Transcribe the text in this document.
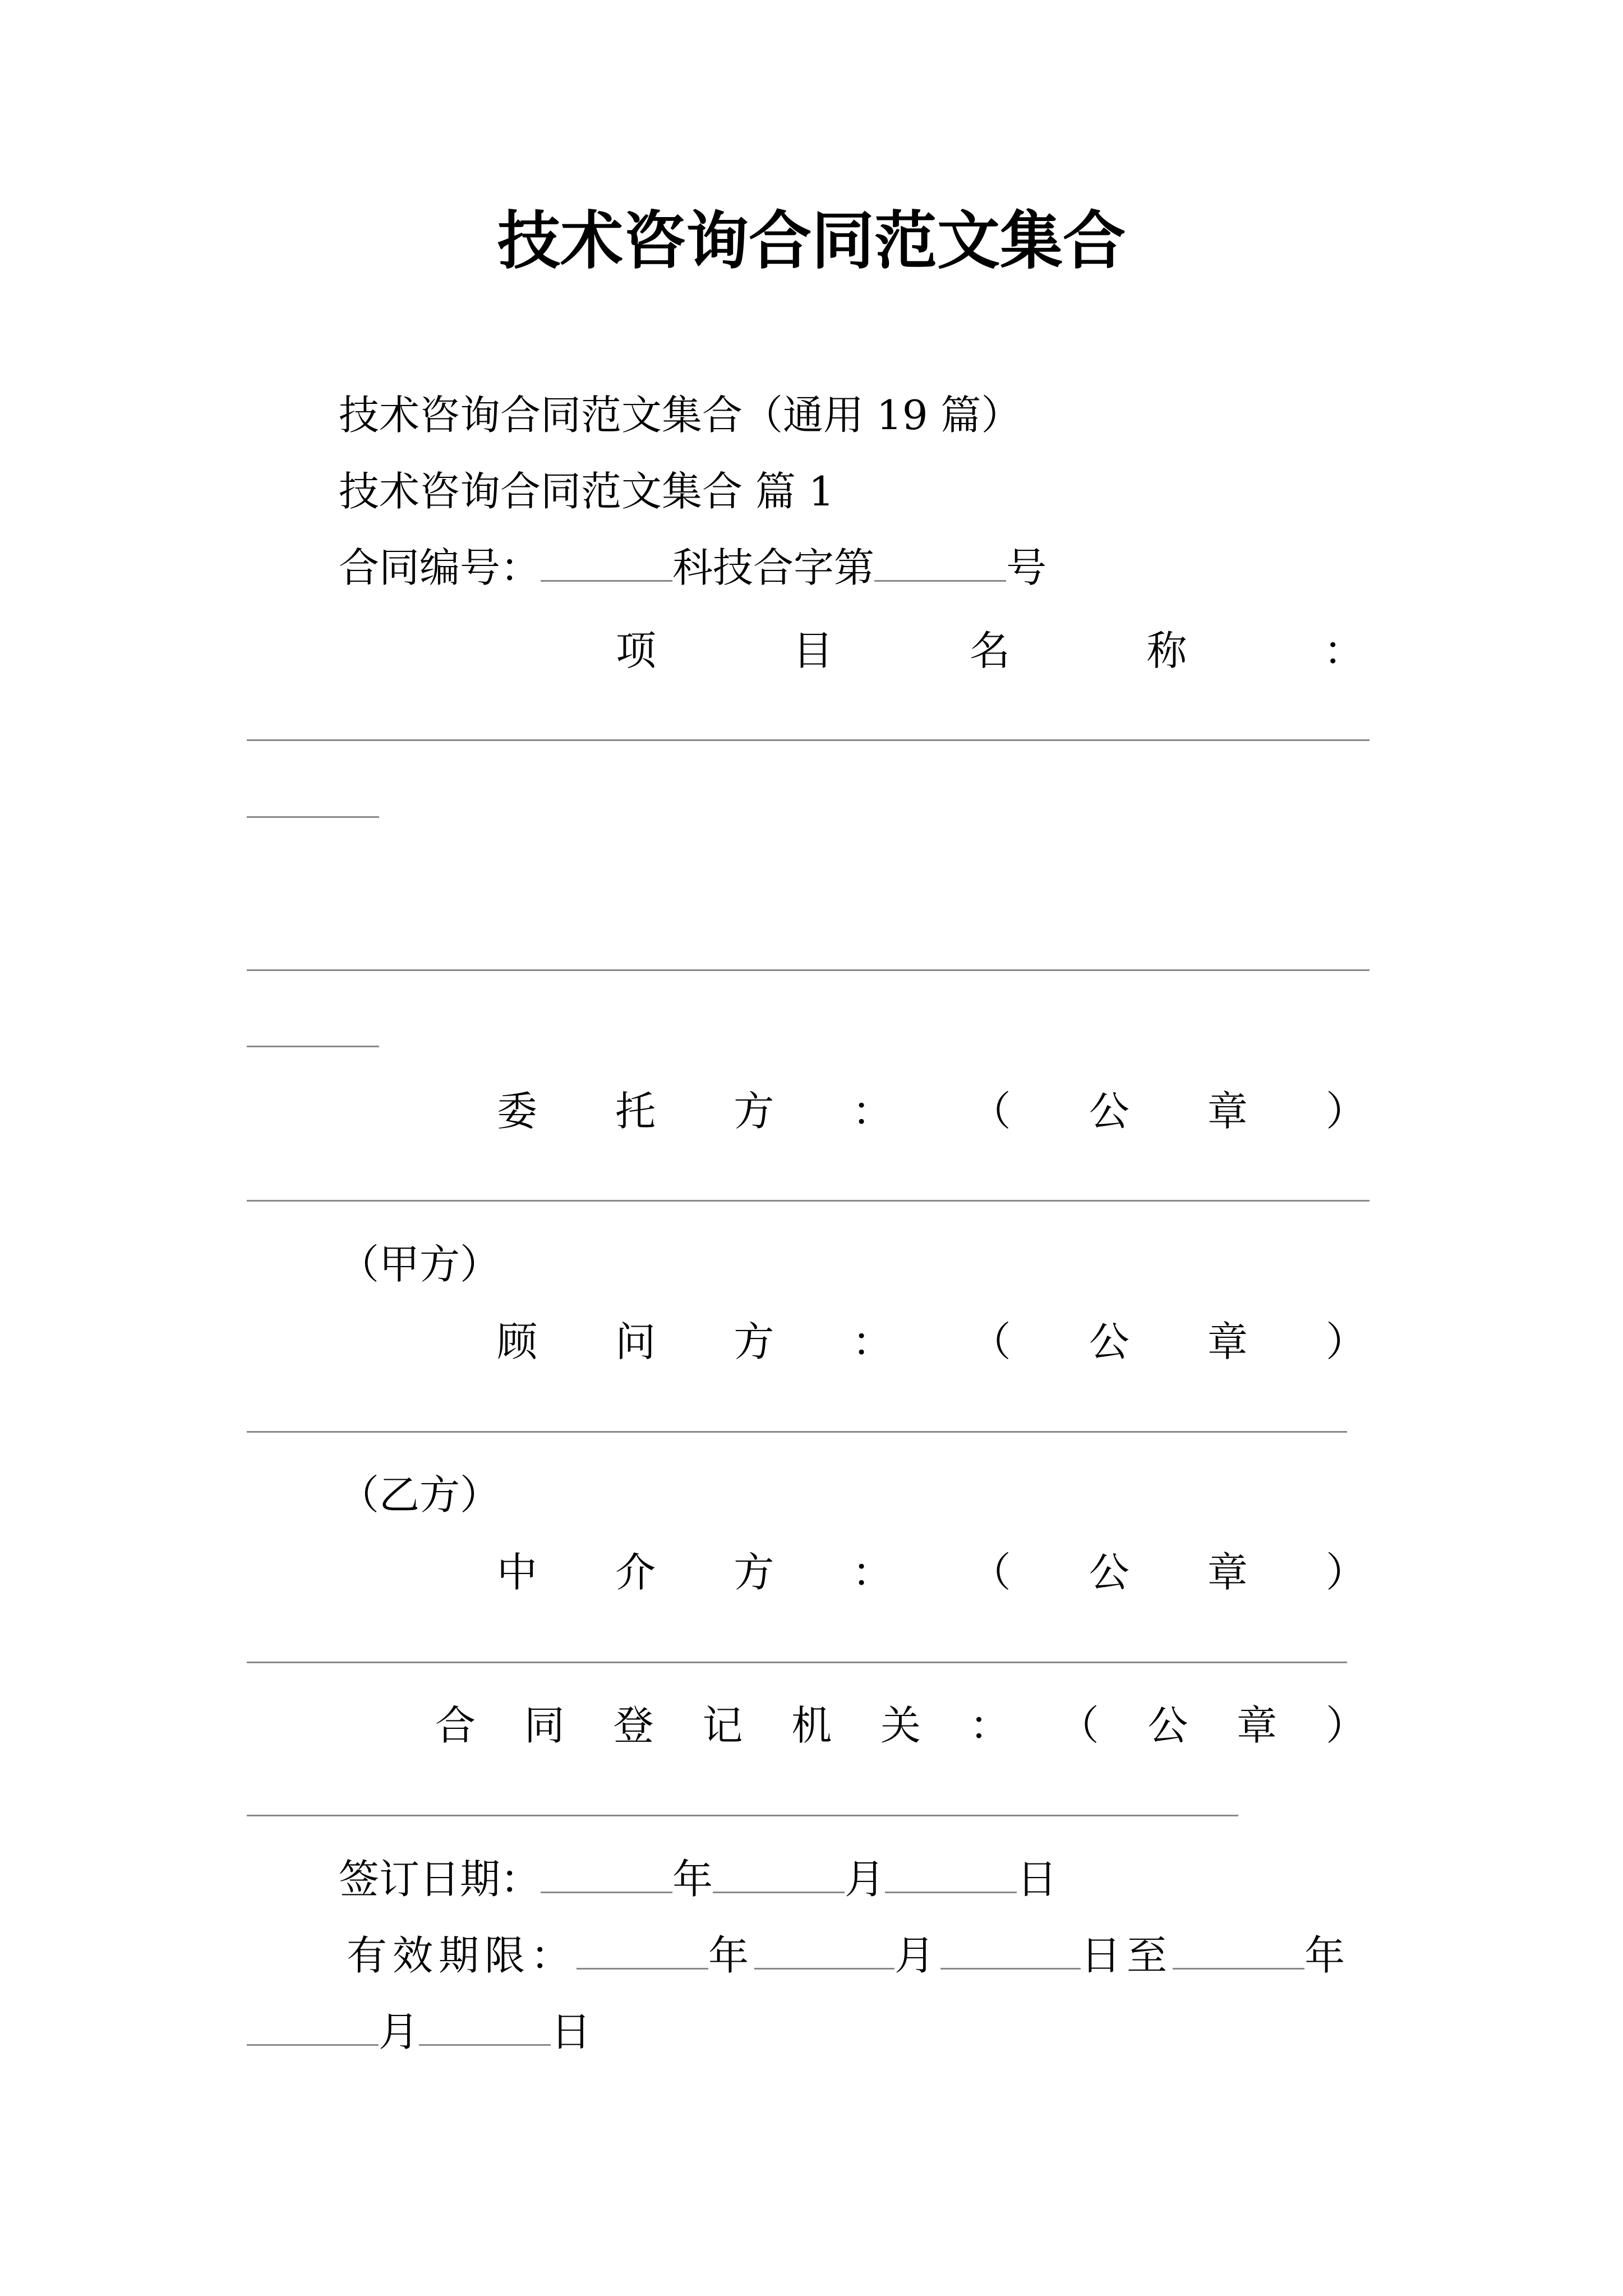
技术咨询合同范文集合
技术咨询合同范文集合（通用 19 篇）
技术咨询合同范文集合 篇 1
合同编号：	科技合字第	号
项	目	名	称	：
委 托 方 ： （ 公 章 ）
（甲方）
顾 问 方 ： （ 公 章 ）
（乙方）
中 介 方 ： （ 公 章 ）
合 同 登 记 机 关 ： （ 公 章 ）
签订日期：	年	月	日
有效期限：	年	月	日至	年
月	日
